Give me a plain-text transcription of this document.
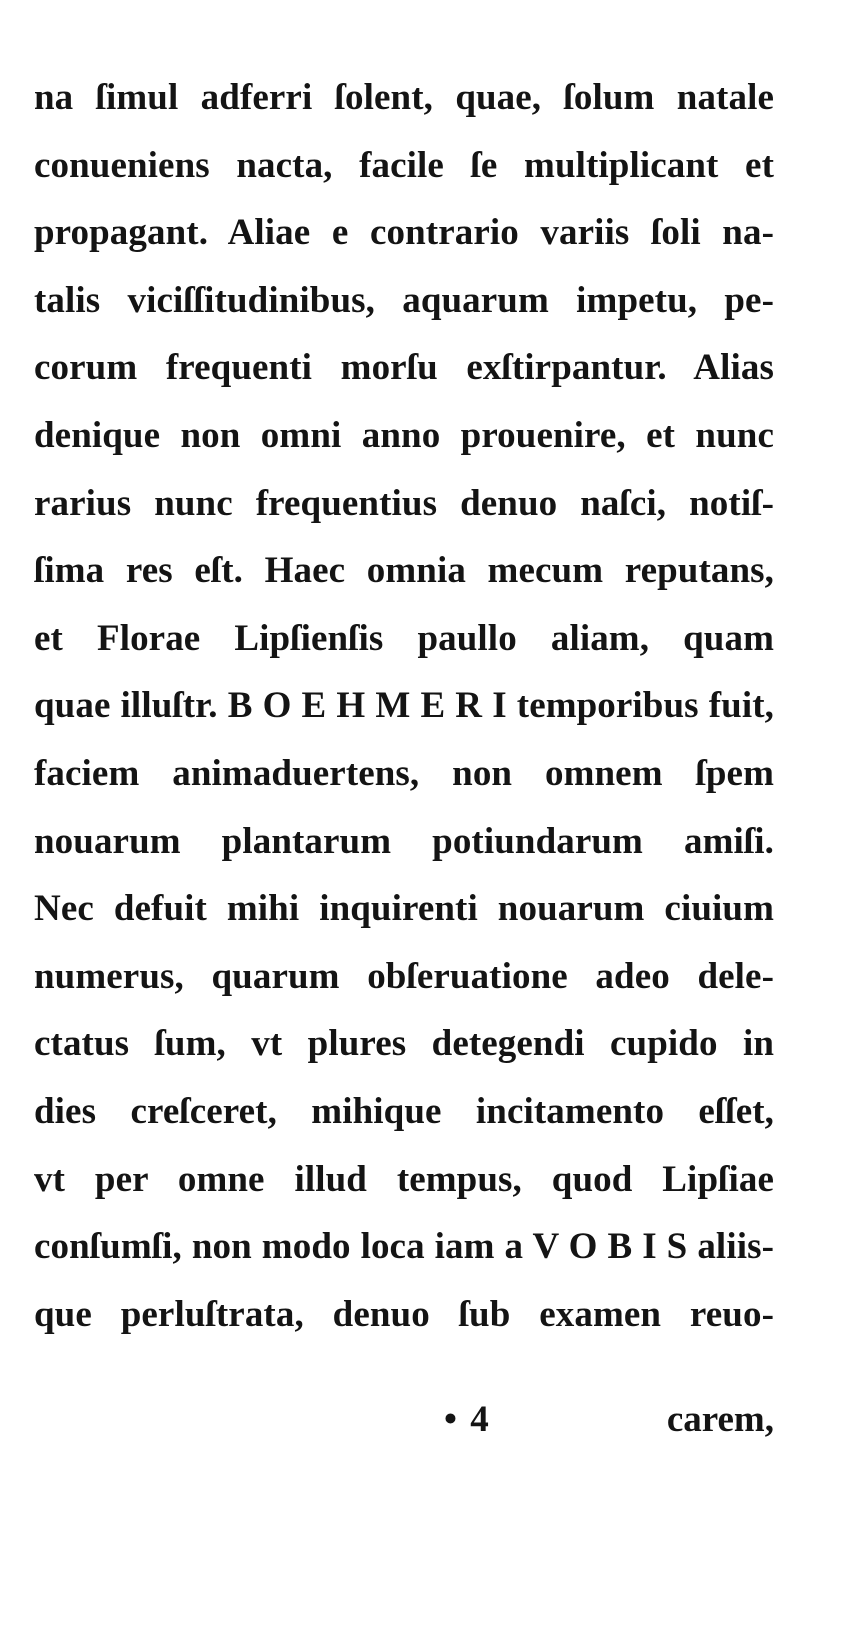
na ſimul adferri ſolent, quae, ſolum natale
conueniens nacta, facile ſe multiplicant et
propagant. Aliae e contrario variis ſoli na-
talis viciſſitudinibus, aquarum impetu, pe-
corum frequenti morſu exſtirpantur. Alias
denique non omni anno prouenire, et nunc
rarius nunc frequentius denuo naſci, notiſ-
ſima res eſt. Haec omnia mecum reputans,
et Florae Lipſienſis paullo aliam, quam
quae illuſtr. B O E H M E R I temporibus fuit,
faciem animaduertens, non omnem ſpem
nouarum plantarum potiundarum amiſi.
Nec defuit mihi inquirenti nouarum ciuium
numerus, quarum obſeruatione adeo dele-
ctatus ſum, vt plures detegendi cupido in
dies creſceret, mihique incitamento eſſet,
vt per omne illud tempus, quod Lipſiae
conſumſi, non modo loca iam a V O B I S aliis-
que perluſtrata, denuo ſub examen reuo-
• 4	carem,
